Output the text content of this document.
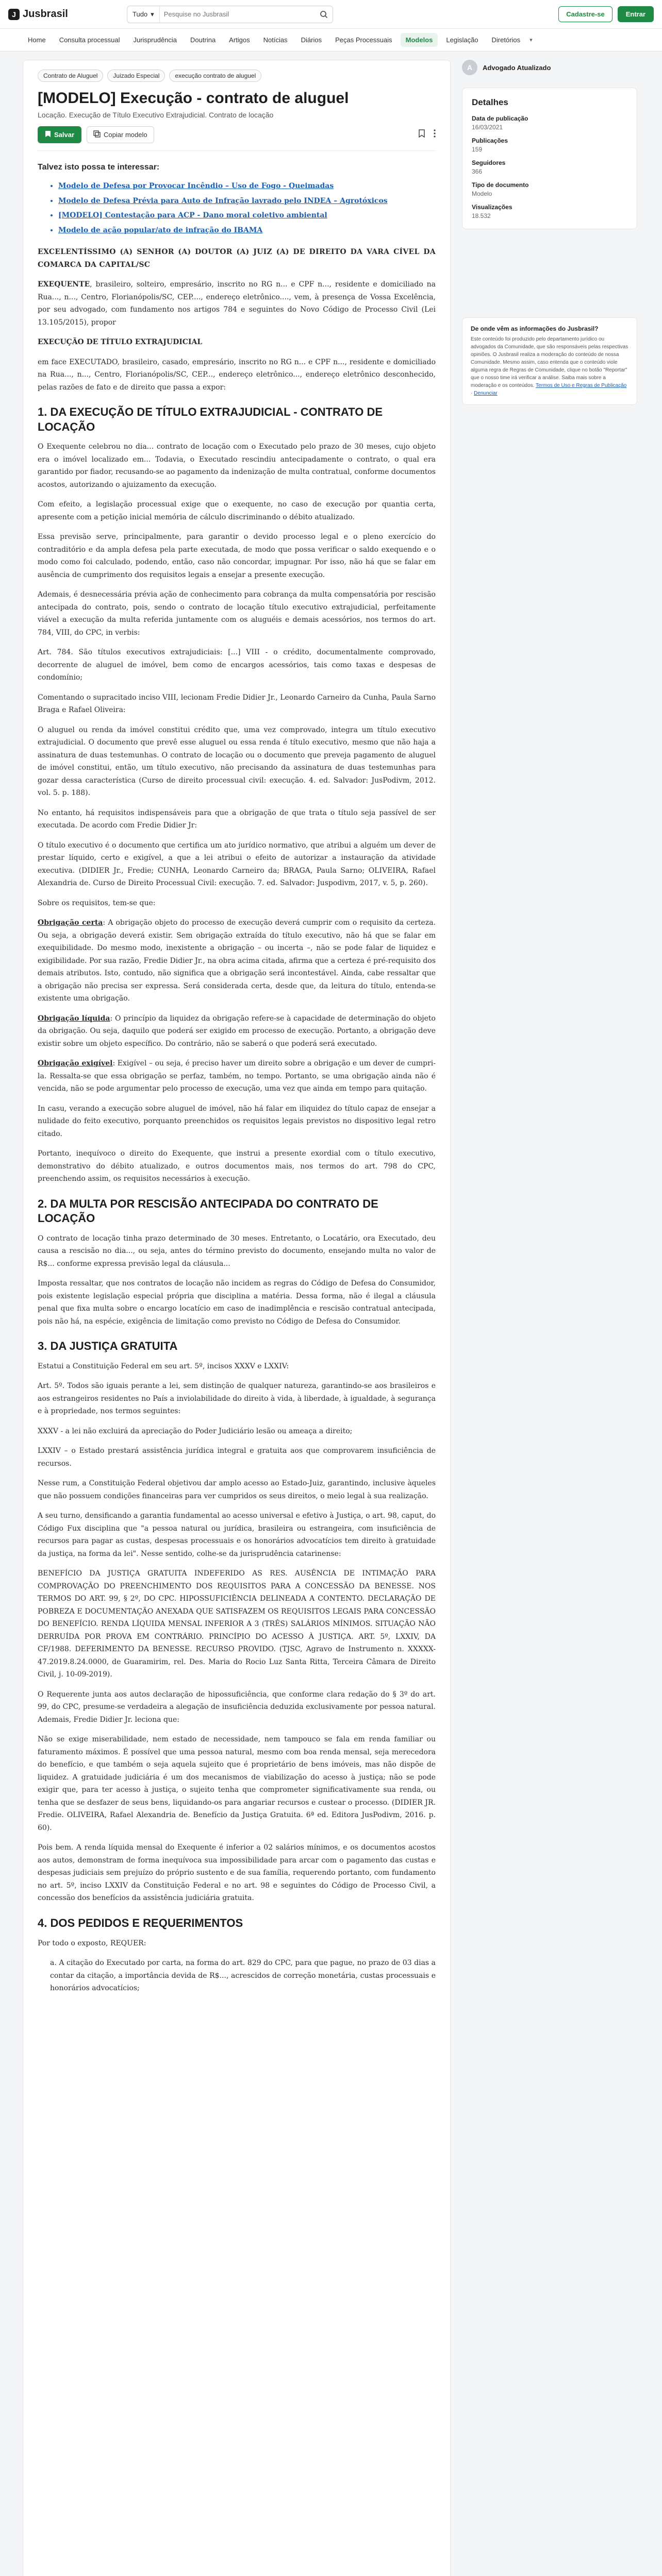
J Jusbrasil	Tudo ▾
Pesquise no Jusbrasil	Cadastre-se	Entrar
Home	Consulta processual	Jurisprudência	Doutrina	Artigos	Notícias	Diários	Peças Processuais	Modelos	Legislação	Diretórios	▾
Contrato de Aluguel	Juizado Especial	execução contrato de aluguel
[MODELO] Execução - contrato de aluguel
Locação. Execução de Título Executivo Extrajudicial. Contrato de locação
Salvar	Copiar modelo
Talvez isto possa te interessar:
• Modelo de Defesa por Provocar Incêndio – Uso de Fogo - Queimadas
• Modelo de Defesa Prévia para Auto de Infração lavrado pelo INDEA – Agrotóxicos
• [MODELO] Contestação para ACP - Dano moral coletivo ambiental
• Modelo de ação popular/ato de infração do IBAMA

EXCELENTÍSSIMO (A) SENHOR (A) DOUTOR (A) JUIZ (A) DE DIREITO DA VARA CÍVEL DA COMARCA DA CAPITAL/SC

EXEQUENTE, brasileiro, solteiro, empresário, inscrito no RG n... e CPF n..., residente e domiciliado na Rua..., n..., Centro, Florianópolis/SC, CEP...., endereço eletrônico...., vem, à presença de Vossa Excelência, por seu advogado, com fundamento nos artigos 784 e seguintes do Novo Código de Processo Civil (Lei 13.105/2015), propor

EXECUÇÃO DE TÍTULO EXTRAJUDICIAL

em face EXECUTADO, brasileiro, casado, empresário, inscrito no RG n... e CPF n..., residente e domiciliado na Rua..., n..., Centro, Florianópolis/SC, CEP..., endereço eletrônico..., endereço eletrônico desconhecido, pelas razões de fato e de direito que passa a expor:

1. DA EXECUÇÃO DE TÍTULO EXTRAJUDICIAL - CONTRATO DE LOCAÇÃO

O Exequente celebrou no dia... contrato de locação com o Executado pelo prazo de 30 meses, cujo objeto era o imóvel localizado em... Todavia, o Executado rescindiu antecipadamente o contrato, o qual era garantido por fiador, recusando-se ao pagamento da indenização de multa contratual, conforme documentos acostos, autorizando o ajuizamento da execução.

Com efeito, a legislação processual exige que o exequente, no caso de execução por quantia certa, apresente com a petição inicial memória de cálculo discriminando o débito atualizado.

Essa previsão serve, principalmente, para garantir o devido processo legal e o pleno exercício do contraditório e da ampla defesa pela parte executada, de modo que possa verificar o saldo exequendo e o modo como foi calculado, podendo, então, caso não concordar, impugnar. Por isso, não há que se falar em ausência de cumprimento dos requisitos legais a ensejar a presente execução.

Ademais, é desnecessária prévia ação de conhecimento para cobrança da multa compensatória por rescisão antecipada do contrato, pois, sendo o contrato de locação título executivo extrajudicial, perfeitamente viável a execução da multa referida juntamente com os aluguéis e demais acessórios, nos termos do art. 784, VIII, do CPC, in verbis:

Art. 784. São títulos executivos extrajudiciais: [...] VIII - o crédito, documentalmente comprovado, decorrente de aluguel de imóvel, bem como de encargos acessórios, tais como taxas e despesas de condomínio;

Comentando o supracitado inciso VIII, lecionam Fredie Didier Jr., Leonardo Carneiro da Cunha, Paula Sarno Braga e Rafael Oliveira:

O aluguel ou renda da imóvel constitui crédito que, uma vez comprovado, integra um título executivo extrajudicial. O documento que prevê esse aluguel ou essa renda é título executivo, mesmo que não haja a assinatura de duas testemunhas. O contrato de locação ou o documento que preveja pagamento de aluguel de imóvel constitui, então, um título executivo, não precisando da assinatura de duas testemunhas para gozar dessa característica (Curso de direito processual civil: execução. 4. ed. Salvador: JusPodivm, 2012. vol. 5. p. 188).

No entanto, há requisitos indispensáveis para que a obrigação de que trata o título seja passível de ser executada. De acordo com Fredie Didier Jr:

O título executivo é o documento que certifica um ato jurídico normativo, que atribui a alguém um dever de prestar líquido, certo e exigível, a que a lei atribui o efeito de autorizar a instauração da atividade executiva. (DIDIER Jr., Fredie; CUNHA, Leonardo Carneiro da; BRAGA, Paula Sarno; OLIVEIRA, Rafael Alexandria de. Curso de Direito Processual Civil: execução. 7. ed. Salvador: Juspodivm, 2017, v. 5, p. 260).

Sobre os requisitos, tem-se que:

Obrigação certa: A obrigação objeto do processo de execução deverá cumprir com o requisito da certeza. Ou seja, a obrigação deverá existir. Sem obrigação extraída do título executivo, não há que se falar em exequibilidade. Do mesmo modo, inexistente a obrigação – ou incerta –, não se pode falar de liquidez e exigibilidade. Por sua razão, Fredie Didier Jr., na obra acima citada, afirma que a certeza é pré-requisito dos demais atributos. Isto, contudo, não significa que a obrigação será incontestável. Ainda, cabe ressaltar que a obrigação não precisa ser expressa. Será considerada certa, desde que, da leitura do título, entenda-se existente uma obrigação.

Obrigação líquida: O princípio da liquidez da obrigação refere-se à capacidade de determinação do objeto da obrigação. Ou seja, daquilo que poderá ser exigido em processo de execução. Portanto, a obrigação deve existir sobre um objeto específico. Do contrário, não se saberá o que poderá será executado.

Obrigação exigível: Exigível – ou seja, é preciso haver um direito sobre a obrigação e um dever de cumpri-la. Ressalta-se que essa obrigação se perfaz, também, no tempo. Portanto, se uma obrigação ainda não é vencida, não se pode argumentar pelo processo de execução, uma vez que ainda em tempo para quitação.

In casu, verando a execução sobre aluguel de imóvel, não há falar em iliquidez do título capaz de ensejar a nulidade do feito executivo, porquanto preenchidos os requisitos legais previstos no dispositivo legal retro citado.

Portanto, inequívoco o direito do Exequente, que instrui a presente exordial com o título executivo, demonstrativo do débito atualizado, e outros documentos mais, nos termos do art. 798 do CPC, preenchendo assim, os requisitos necessários à execução.

2. DA MULTA POR RESCISÃO ANTECIPADA DO CONTRATO DE LOCAÇÃO

O contrato de locação tinha prazo determinado de 30 meses. Entretanto, o Locatário, ora Executado, deu causa a rescisão no dia..., ou seja, antes do término previsto do documento, ensejando multa no valor de R$... conforme expressa previsão legal da cláusula...

Imposta ressaltar, que nos contratos de locação não incidem as regras do Código de Defesa do Consumidor, pois existente legislação especial própria que disciplina a matéria. Dessa forma, não é ilegal a cláusula penal que fixa multa sobre o encargo locatício em caso de inadimplência e rescisão contratual antecipada, pois não há, na espécie, exigência de limitação como previsto no Código de Defesa do Consumidor.

3. DA JUSTIÇA GRATUITA

Estatui a Constituição Federal em seu art. 5º, incisos XXXV e LXXIV:

Art. 5º. Todos são iguais perante a lei, sem distinção de qualquer natureza, garantindo-se aos brasileiros e aos estrangeiros residentes no País a inviolabilidade do direito à vida, à liberdade, à igualdade, à segurança e à propriedade, nos termos seguintes:

XXXV - a lei não excluirá da apreciação do Poder Judiciário lesão ou ameaça a direito;

LXXIV – o Estado prestará assistência jurídica integral e gratuita aos que comprovarem insuficiência de recursos.

Nesse rum, a Constituição Federal objetivou dar amplo acesso ao Estado-Juiz, garantindo, inclusive àqueles que não possuem condições financeiras para ver cumpridos os seus direitos, o meio legal à sua realização.

A seu turno, densificando a garantia fundamental ao acesso universal e efetivo à Justiça, o art. 98, caput, do Código Fux disciplina que "a pessoa natural ou jurídica, brasileira ou estrangeira, com insuficiência de recursos para pagar as custas, despesas processuais e os honorários advocatícios tem direito à gratuidade da justiça, na forma da lei". Nesse sentido, colhe-se da jurisprudência catarinense:

BENEFÍCIO DA JUSTIÇA GRATUITA INDEFERIDO AS RES. AUSÊNCIA DE INTIMAÇÃO PARA COMPROVAÇÃO DO PREENCHIMENTO DOS REQUISITOS PARA A CONCESSÃO DA BENESSE. NOS TERMOS DO ART. 99, § 2º, DO CPC. HIPOSSUFICIÊNCIA DELINEADA A CONTENTO. DECLARAÇÃO DE POBREZA E DOCUMENTAÇÃO ANEXADA QUE SATISFAZEM OS REQUISITOS LEGAIS PARA CONCESSÃO DO BENEFÍCIO. RENDA LÍQUIDA MENSAL INFERIOR A 3 (TRÊS) SALÁRIOS MÍNIMOS. SITUAÇÃO NÃO DERRUÍDA POR PROVA EM CONTRÁRIO. PRINCÍPIO DO ACESSO À JUSTIÇA. ART. 5º, LXXIV, DA CF/1988. DEFERIMENTO DA BENESSE. RECURSO PROVIDO. (TJSC, Agravo de Instrumento n. XXXXX-47.2019.8.24.0000, de Guaramirim, rel. Des. Maria do Rocio Luz Santa Ritta, Terceira Câmara de Direito Civil, j. 10-09-2019).

O Requerente junta aos autos declaração de hipossuficiência, que conforme clara redação do § 3º do art. 99, do CPC, presume-se verdadeira a alegação de insuficiência deduzida exclusivamente por pessoa natural. Ademais, Fredie Didier Jr. leciona que:

Não se exige miserabilidade, nem estado de necessidade, nem tampouco se fala em renda familiar ou faturamento máximos. É possível que uma pessoa natural, mesmo com boa renda mensal, seja merecedora do benefício, e que também o seja aquela sujeito que é proprietário de bens imóveis, mas não dispõe de liquidez. A gratuidade judiciária é um dos mecanismos de viabilização do acesso à justiça; não se pode exigir que, para ter acesso à justiça, o sujeito tenha que comprometer significativamente sua renda, ou tenha que se desfazer de seus bens, liquidando-os para angariar recursos e custear o processo. (DIDIER JR. Fredie. OLIVEIRA, Rafael Alexandria de. Benefício da Justiça Gratuita. 6ª ed. Editora JusPodivm, 2016. p. 60).

Pois bem. A renda líquida mensal do Exequente é inferior a 02 salários mínimos, e os documentos acostos aos autos, demonstram de forma inequívoca sua impossibilidade para arcar com o pagamento das custas e despesas judiciais sem prejuízo do próprio sustento e de sua família, requerendo portanto, com fundamento no art. 5º, inciso LXXIV da Constituição Federal e no art. 98 e seguintes do Código de Processo Civil, a concessão dos benefícios da assistência judiciária gratuita.

4. DOS PEDIDOS E REQUERIMENTOS

Por todo o exposto, REQUER:

a. A citação do Executado por carta, na forma do art. 829 do CPC, para que pague, no prazo de 03 dias a contar da citação, a importância devida de R$..., acrescidos de correção monetária, custas processuais e honorários advocatícios;

A	Advogado Atualizado
Detalhes
Data de publicação
16/03/2021
Publicações
159
Seguidores
366
Tipo de documento
Modelo
Visualizações
18.532
De onde vêm as informações do Jusbrasil?
Este conteúdo foi produzido pelo departamento jurídico ou advogados da Comunidade, que são responsáveis pelas respectivas opiniões. O Jusbrasil realiza a moderação do conteúdo de nossa Comunidade. Mesmo assim, caso entenda que o conteúdo viole alguma regra de Regras de Comunidade, clique no botão "Reportar" que o nosso time irá verificar a análise. Saiba mais sobre a moderação e os conteúdos. Termos de Uso e Regras de Publicação · Denunciar
